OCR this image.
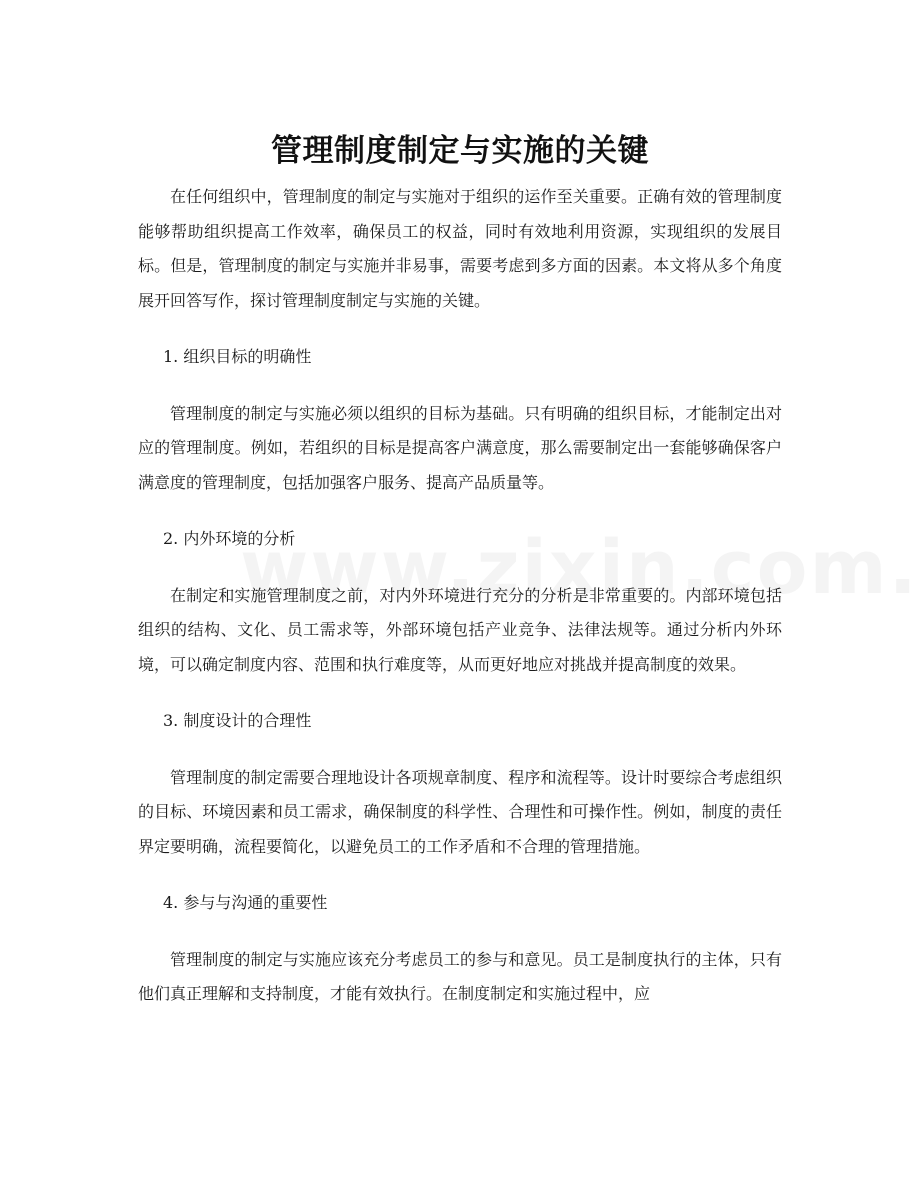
管理制度制定与实施的关键

在任何组织中，管理制度的制定与实施对于组织的运作至关重要。正确有效的管理制度能够帮助组织提高工作效率，确保员工的权益，同时有效地利用资源，实现组织的发展目标。但是，管理制度的制定与实施并非易事，需要考虑到多方面的因素。本文将从多个角度展开回答写作，探讨管理制度制定与实施的关键。

1. 组织目标的明确性

管理制度的制定与实施必须以组织的目标为基础。只有明确的组织目标，才能制定出对应的管理制度。例如，若组织的目标是提高客户满意度，那么需要制定出一套能够确保客户满意度的管理制度，包括加强客户服务、提高产品质量等。

2. 内外环境的分析

在制定和实施管理制度之前，对内外环境进行充分的分析是非常重要的。内部环境包括组织的结构、文化、员工需求等，外部环境包括产业竞争、法律法规等。通过分析内外环境，可以确定制度内容、范围和执行难度等，从而更好地应对挑战并提高制度的效果。

3. 制度设计的合理性

管理制度的制定需要合理地设计各项规章制度、程序和流程等。设计时要综合考虑组织的目标、环境因素和员工需求，确保制度的科学性、合理性和可操作性。例如，制度的责任界定要明确，流程要简化，以避免员工的工作矛盾和不合理的管理措施。

4. 参与与沟通的重要性

管理制度的制定与实施应该充分考虑员工的参与和意见。员工是制度执行的主体，只有他们真正理解和支持制度，才能有效执行。在制度制定和实施过程中，应
